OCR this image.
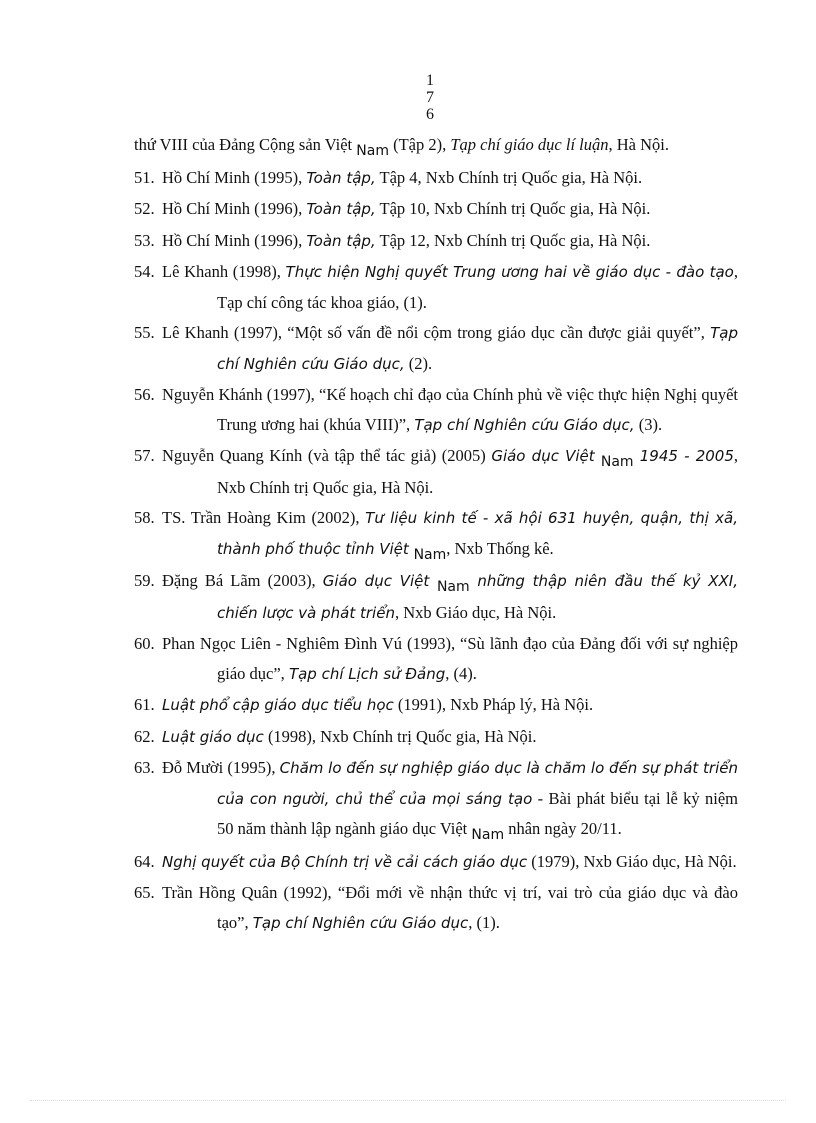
1
7
6
thứ VIII của Đảng Cộng sản Việt $_{Nam}$ (Tập 2), Tạp chí giáo dục lí luận, Hà Nội.
51. Hồ Chí Minh (1995), Toàn tập, Tập 4, Nxb Chính trị Quốc gia, Hà Nội.
52. Hồ Chí Minh (1996), Toàn tập, Tập 10, Nxb Chính trị Quốc gia, Hà Nội.
53. Hồ Chí Minh (1996), Toàn tập, Tập 12, Nxb Chính trị Quốc gia, Hà Nội.
54. Lê Khanh (1998), Thực hiện Nghị quyết Trung ương hai về giáo dục - đào tạo, Tạp chí công tác khoa giáo, (1).
55. Lê Khanh (1997), “Một số vấn đề nổi cộm trong giáo dục cần được giải quyết”, Tạp chí Nghiên cứu Giáo dục, (2).
56. Nguyễn Khánh (1997), “Kế hoạch chỉ đạo của Chính phủ về việc thực hiện Nghị quyết Trung ương hai (khúa VIII)”, Tạp chí Nghiên cứu Giáo dục, (3).
57. Nguyễn Quang Kính (và tập thể tác giả) (2005) Giáo dục Việt $_{Nam}$ 1945 - 2005, Nxb Chính trị Quốc gia, Hà Nội.
58. TS. Trần Hoàng Kim (2002), Tư liệu kinh tế - xã hội 631 huyện, quận, thị xã, thành phố thuộc tỉnh Việt $_{Nam}$, Nxb Thống kê.
59. Đặng Bá Lãm (2003), Giáo dục Việt $_{Nam}$ những thập niên đầu thế kỷ XXI, chiến lược và phát triển, Nxb Giáo dục, Hà Nội.
60. Phan Ngọc Liên - Nghiêm Đình Vú (1993), “Sù lãnh đạo của Đảng đối với sự nghiệp giáo dục”, Tạp chí Lịch sử Đảng, (4).
61. Luật phổ cập giáo dục tiểu học (1991), Nxb Pháp lý, Hà Nội.
62. Luật giáo dục (1998), Nxb Chính trị Quốc gia, Hà Nội.
63. Đỗ Mười (1995), Chăm lo đến sự nghiệp giáo dục là chăm lo đến sự phát triển của con người, chủ thể của mọi sáng tạo - Bài phát biểu tại lễ kỷ niệm 50 năm thành lập ngành giáo dục Việt $_{Nam}$ nhân ngày 20/11.
64. Nghị quyết của Bộ Chính trị về cải cách giáo dục (1979), Nxb Giáo dục, Hà Nội.
65. Trần Hồng Quân (1992), “Đổi mới về nhận thức vị trí, vai trò của giáo dục và đào tạo”, Tạp chí Nghiên cứu Giáo dục, (1).
